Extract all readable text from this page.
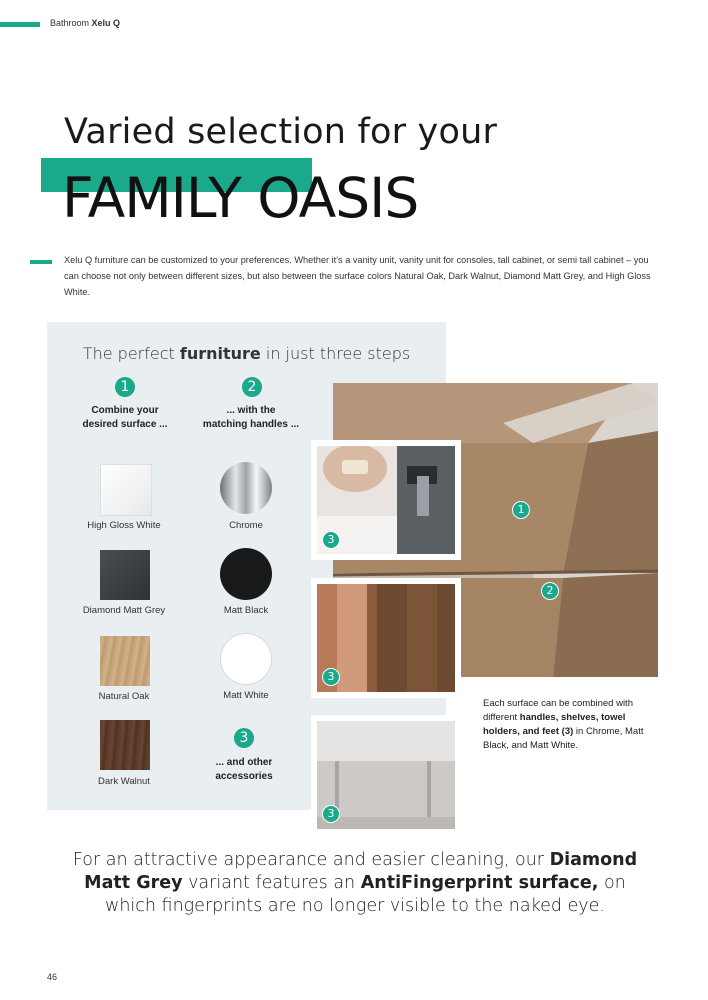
Bathroom Xelu Q
Varied selection for your
FAMILY OASIS
Xelu Q furniture can be customized to your preferences. Whether it’s a vanity unit, vanity unit for consoles, tall cabinet, or semi tall cabinet – you can choose not only between different sizes, but also between the surface colors Natural Oak, Dark Walnut, Diamond Matt Grey, and High Gloss White.
The perfect furniture in just three steps
1
Combine your
desired surface ...
2
... with the
matching handles ...
High Gloss White
Diamond Matt Grey
Natural Oak
Dark Walnut
Chrome
Matt Black
Matt White
3
... and other
accessories
1
2
3
3
3
Each surface can be combined with different handles, shelves, towel holders, and feet (3) in Chrome, Matt Black, and Matt White.
For an attractive appearance and easier cleaning, our Diamond Matt Grey variant features an AntiFingerprint surface, on which fingerprints are no longer visible to the naked eye.
46
